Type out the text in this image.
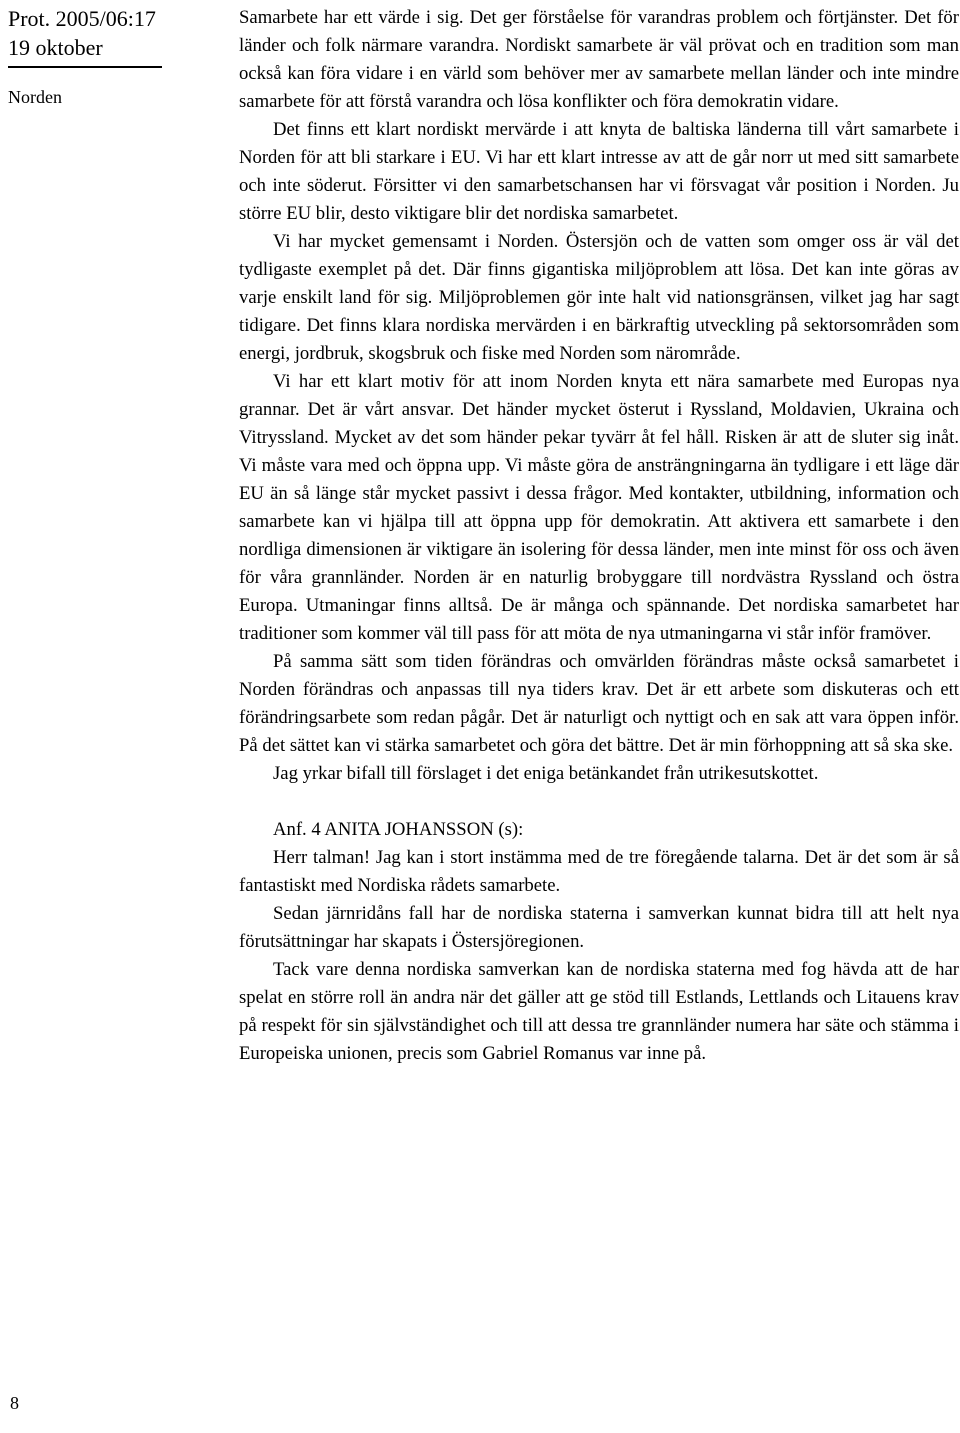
Prot. 2005/06:17
19 oktober
Norden
8

Samarbete har ett värde i sig. Det ger förståelse för varandras problem och förtjänster. Det för länder och folk närmare varandra. Nordiskt samarbete är väl prövat och en tradition som man också kan föra vidare i en värld som behöver mer av samarbete mellan länder och inte mindre samarbete för att förstå varandra och lösa konflikter och föra demokratin vidare.

Det finns ett klart nordiskt mervärde i att knyta de baltiska länderna till vårt samarbete i Norden för att bli starkare i EU. Vi har ett klart intresse av att de går norr ut med sitt samarbete och inte söderut. Försitter vi den samarbetschansen har vi försvagat vår position i Norden. Ju större EU blir, desto viktigare blir det nordiska samarbetet.

Vi har mycket gemensamt i Norden. Östersjön och de vatten som omger oss är väl det tydligaste exemplet på det. Där finns gigantiska miljöproblem att lösa. Det kan inte göras av varje enskilt land för sig. Miljöproblemen gör inte halt vid nationsgränsen, vilket jag har sagt tidigare. Det finns klara nordiska mervärden i en bärkraftig utveckling på sektorsområden som energi, jordbruk, skogsbruk och fiske med Norden som närområde.

Vi har ett klart motiv för att inom Norden knyta ett nära samarbete med Europas nya grannar. Det är vårt ansvar. Det händer mycket österut i Ryssland, Moldavien, Ukraina och Vitryssland. Mycket av det som händer pekar tyvärr åt fel håll. Risken är att de sluter sig inåt. Vi måste vara med och öppna upp. Vi måste göra de ansträngningarna än tydligare i ett läge där EU än så länge står mycket passivt i dessa frågor. Med kontakter, utbildning, information och samarbete kan vi hjälpa till att öppna upp för demokratin. Att aktivera ett samarbete i den nordliga dimensionen är viktigare än isolering för dessa länder, men inte minst för oss och även för våra grannländer. Norden är en naturlig brobyggare till nordvästra Ryssland och östra Europa. Utmaningar finns alltså. De är många och spännande. Det nordiska samarbetet har traditioner som kommer väl till pass för att möta de nya utmaningarna vi står inför framöver.

På samma sätt som tiden förändras och omvärlden förändras måste också samarbetet i Norden förändras och anpassas till nya tiders krav. Det är ett arbete som diskuteras och ett förändringsarbete som redan pågår. Det är naturligt och nyttigt och en sak att vara öppen inför. På det sättet kan vi stärka samarbetet och göra det bättre. Det är min förhoppning att så ska ske.

Jag yrkar bifall till förslaget i det eniga betänkandet från utrikesutskottet.

Anf. 4 ANITA JOHANSSON (s):

Herr talman! Jag kan i stort instämma med de tre föregående talarna. Det är det som är så fantastiskt med Nordiska rådets samarbete.

Sedan järnridåns fall har de nordiska staterna i samverkan kunnat bidra till att helt nya förutsättningar har skapats i Östersjöregionen.

Tack vare denna nordiska samverkan kan de nordiska staterna med fog hävda att de har spelat en större roll än andra när det gäller att ge stöd till Estlands, Lettlands och Litauens krav på respekt för sin självständighet och till att dessa tre grannländer numera har säte och stämma i Europeiska unionen, precis som Gabriel Romanus var inne på.
